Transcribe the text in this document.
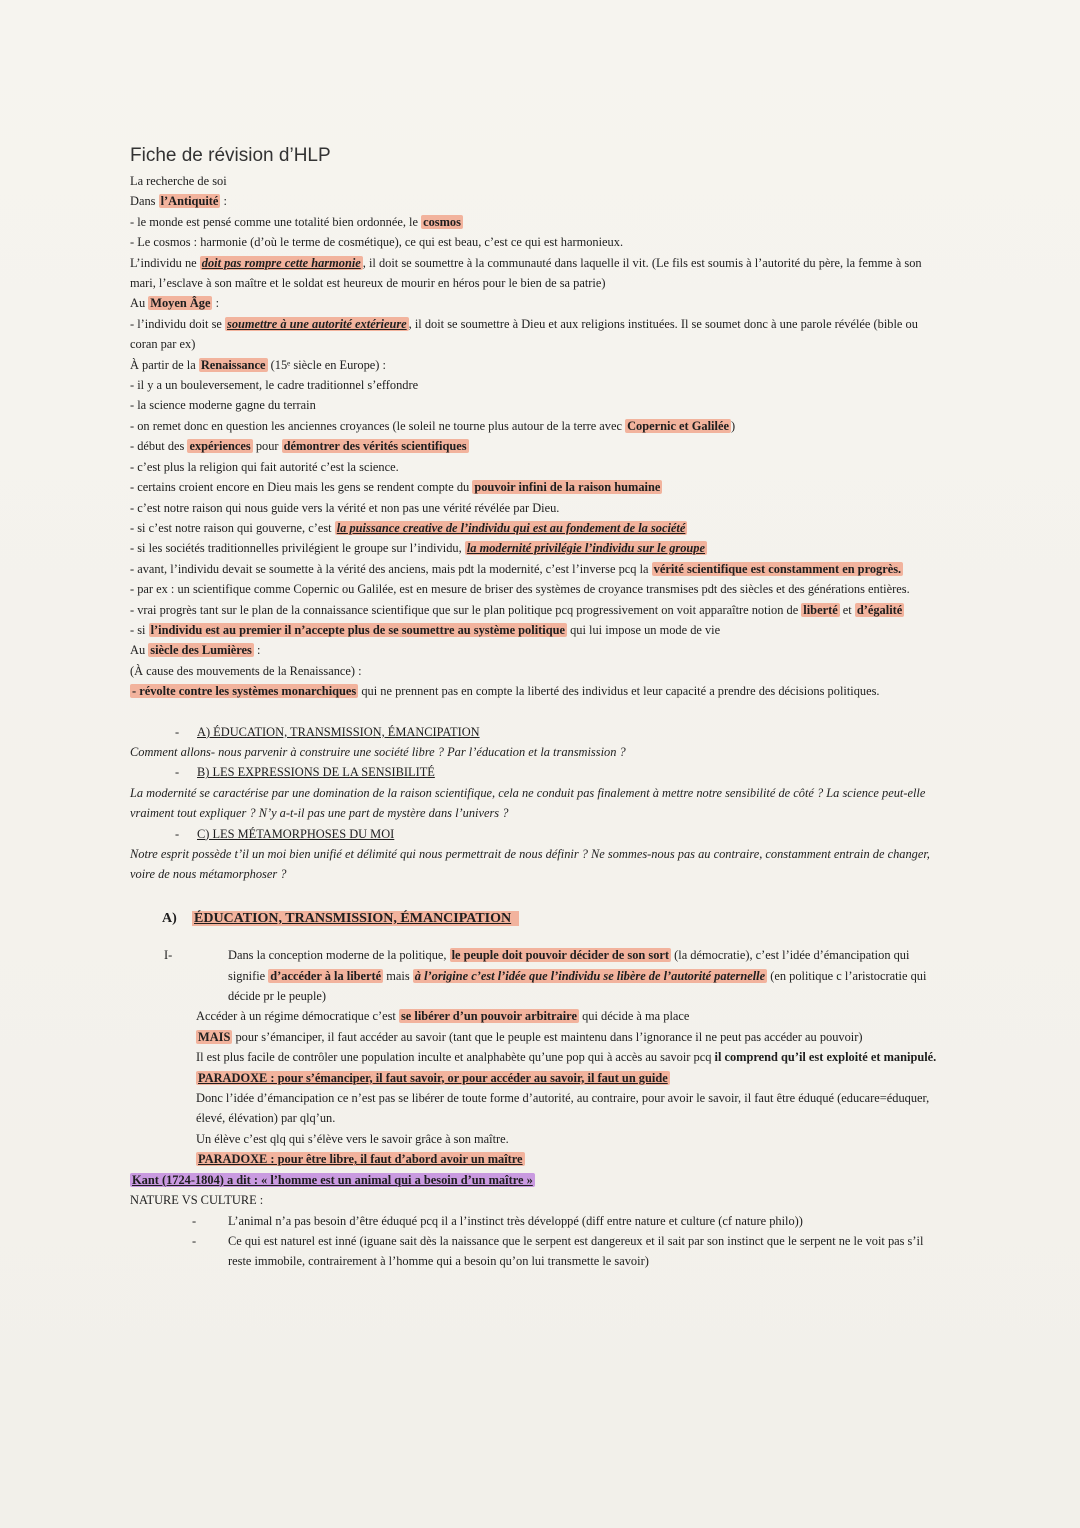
Fiche de révision d’HLP
La recherche de soi
Dans l’Antiquité :
- le monde est pensé comme une totalité bien ordonnée, le cosmos
- Le cosmos : harmonie (d’où le terme de cosmétique), ce qui est beau, c’est ce qui est harmonieux.
L’individu ne doit pas rompre cette harmonie , il doit se soumettre à la communauté dans laquelle il vit. (Le fils est soumis à l’autorité du père, la femme à son mari, l’esclave à son maître et le soldat est heureux de mourir en héros pour le bien de sa patrie)
Au Moyen Âge :
- l’individu doit se soumettre à une autorité extérieure , il doit se soumettre à Dieu et aux religions instituées. Il se soumet donc à une parole révélée (bible ou coran par ex)
À partir de la Renaissance (15ᵉ siècle en Europe) :
- il y a un bouleversement, le cadre traditionnel s’effondre
- la science moderne gagne du terrain
- on remet donc en question les anciennes croyances (le soleil ne tourne plus autour de la terre avec Copernic et Galilée )
- début des expériences pour démontrer des vérités scientifiques
- c’est plus la religion qui fait autorité c’est la science.
- certains croient encore en Dieu mais les gens se rendent compte du pouvoir infini de la raison humaine
- c’est notre raison qui nous guide vers la vérité et non pas une vérité révélée par Dieu.
- si c’est notre raison qui gouverne, c’est la puissance creative de l’individu qui est au fondement de la société
- si les sociétés traditionnelles privilégient le groupe sur l’individu, la modernité privilégie l’individu sur le groupe
- avant, l’individu devait se soumette à la vérité des anciens, mais pdt la modernité, c’est l’inverse pcq la vérité scientifique est constamment en progrès.
- par ex : un scientifique comme Copernic ou Galilée, est en mesure de briser des systèmes de croyance transmises pdt des siècles et des générations entières.
- vrai progrès tant sur le plan de la connaissance scientifique que sur le plan politique pcq progressivement on voit apparaître notion de liberté et d’égalité
- si l’individu est au premier il n’accepte plus de se soumettre au système politique qui lui impose un mode de vie
Au siècle des Lumières :
(À cause des mouvements de la Renaissance) :
- révolte contre les systèmes monarchiques qui ne prennent pas en compte la liberté des individus et leur capacité a prendre des décisions politiques.
- A) ÉDUCATION, TRANSMISSION, ÉMANCIPATION
Comment allons- nous parvenir à construire une société libre ? Par l’éducation et la transmission ?
- B) LES EXPRESSIONS DE LA SENSIBILITÉ
La modernité se caractérise par une domination de la raison scientifique, cela ne conduit pas finalement à mettre notre sensibilité de côté ? La science peut-elle vraiment tout expliquer ? N’y a-t-il pas une part de mystère dans l’univers ?
- C) LES MÉTAMORPHOSES DU MOI
Notre esprit possède t’il un moi bien unifié et délimité qui nous permettrait de nous définir ? Ne sommes-nous pas au contraire, constamment entrain de changer, voire de nous métamorphoser ?
A) ÉDUCATION, TRANSMISSION, ÉMANCIPATION
I-	Dans la conception moderne de la politique, le peuple doit pouvoir décider de son sort (la démocratie), c’est l’idée d’émancipation qui signifie d’accéder à la liberté mais à l’origine c’est l’idée que l’individu se libère de l’autorité paternelle (en politique c l’aristocratie qui décide pr le peuple)
Accéder à un régime démocratique c’est se libérer d’un pouvoir arbitraire qui décide à ma place
MAIS pour s’émanciper, il faut accéder au savoir (tant que le peuple est maintenu dans l’ignorance il ne peut pas accéder au pouvoir)
Il est plus facile de contrôler une population inculte et analphabète qu’une pop qui à accès au savoir pcq il comprend qu’il est exploité et manipulé.
PARADOXE : pour s’émanciper, il faut savoir, or pour accéder au savoir, il faut un guide
Donc l’idée d’émancipation ce n’est pas se libérer de toute forme d’autorité, au contraire, pour avoir le savoir, il faut être éduqué (educare=éduquer, élevé, élévation) par qlq’un.
Un élève c’est qlq qui s’élève vers le savoir grâce à son maître.
PARADOXE : pour être libre, il faut d’abord avoir un maître
Kant (1724-1804) a dit : « l’homme est un animal qui a besoin d’un maître »
NATURE VS CULTURE :
-	L’animal n’a pas besoin d’être éduqué pcq il a l’instinct très développé (diff entre nature et culture (cf nature philo))
-	Ce qui est naturel est inné (iguane sait dès la naissance que le serpent est dangereux et il sait par son instinct que le serpent ne le voit pas s’il reste immobile, contrairement à l’homme qui a besoin qu’on lui transmette le savoir)
